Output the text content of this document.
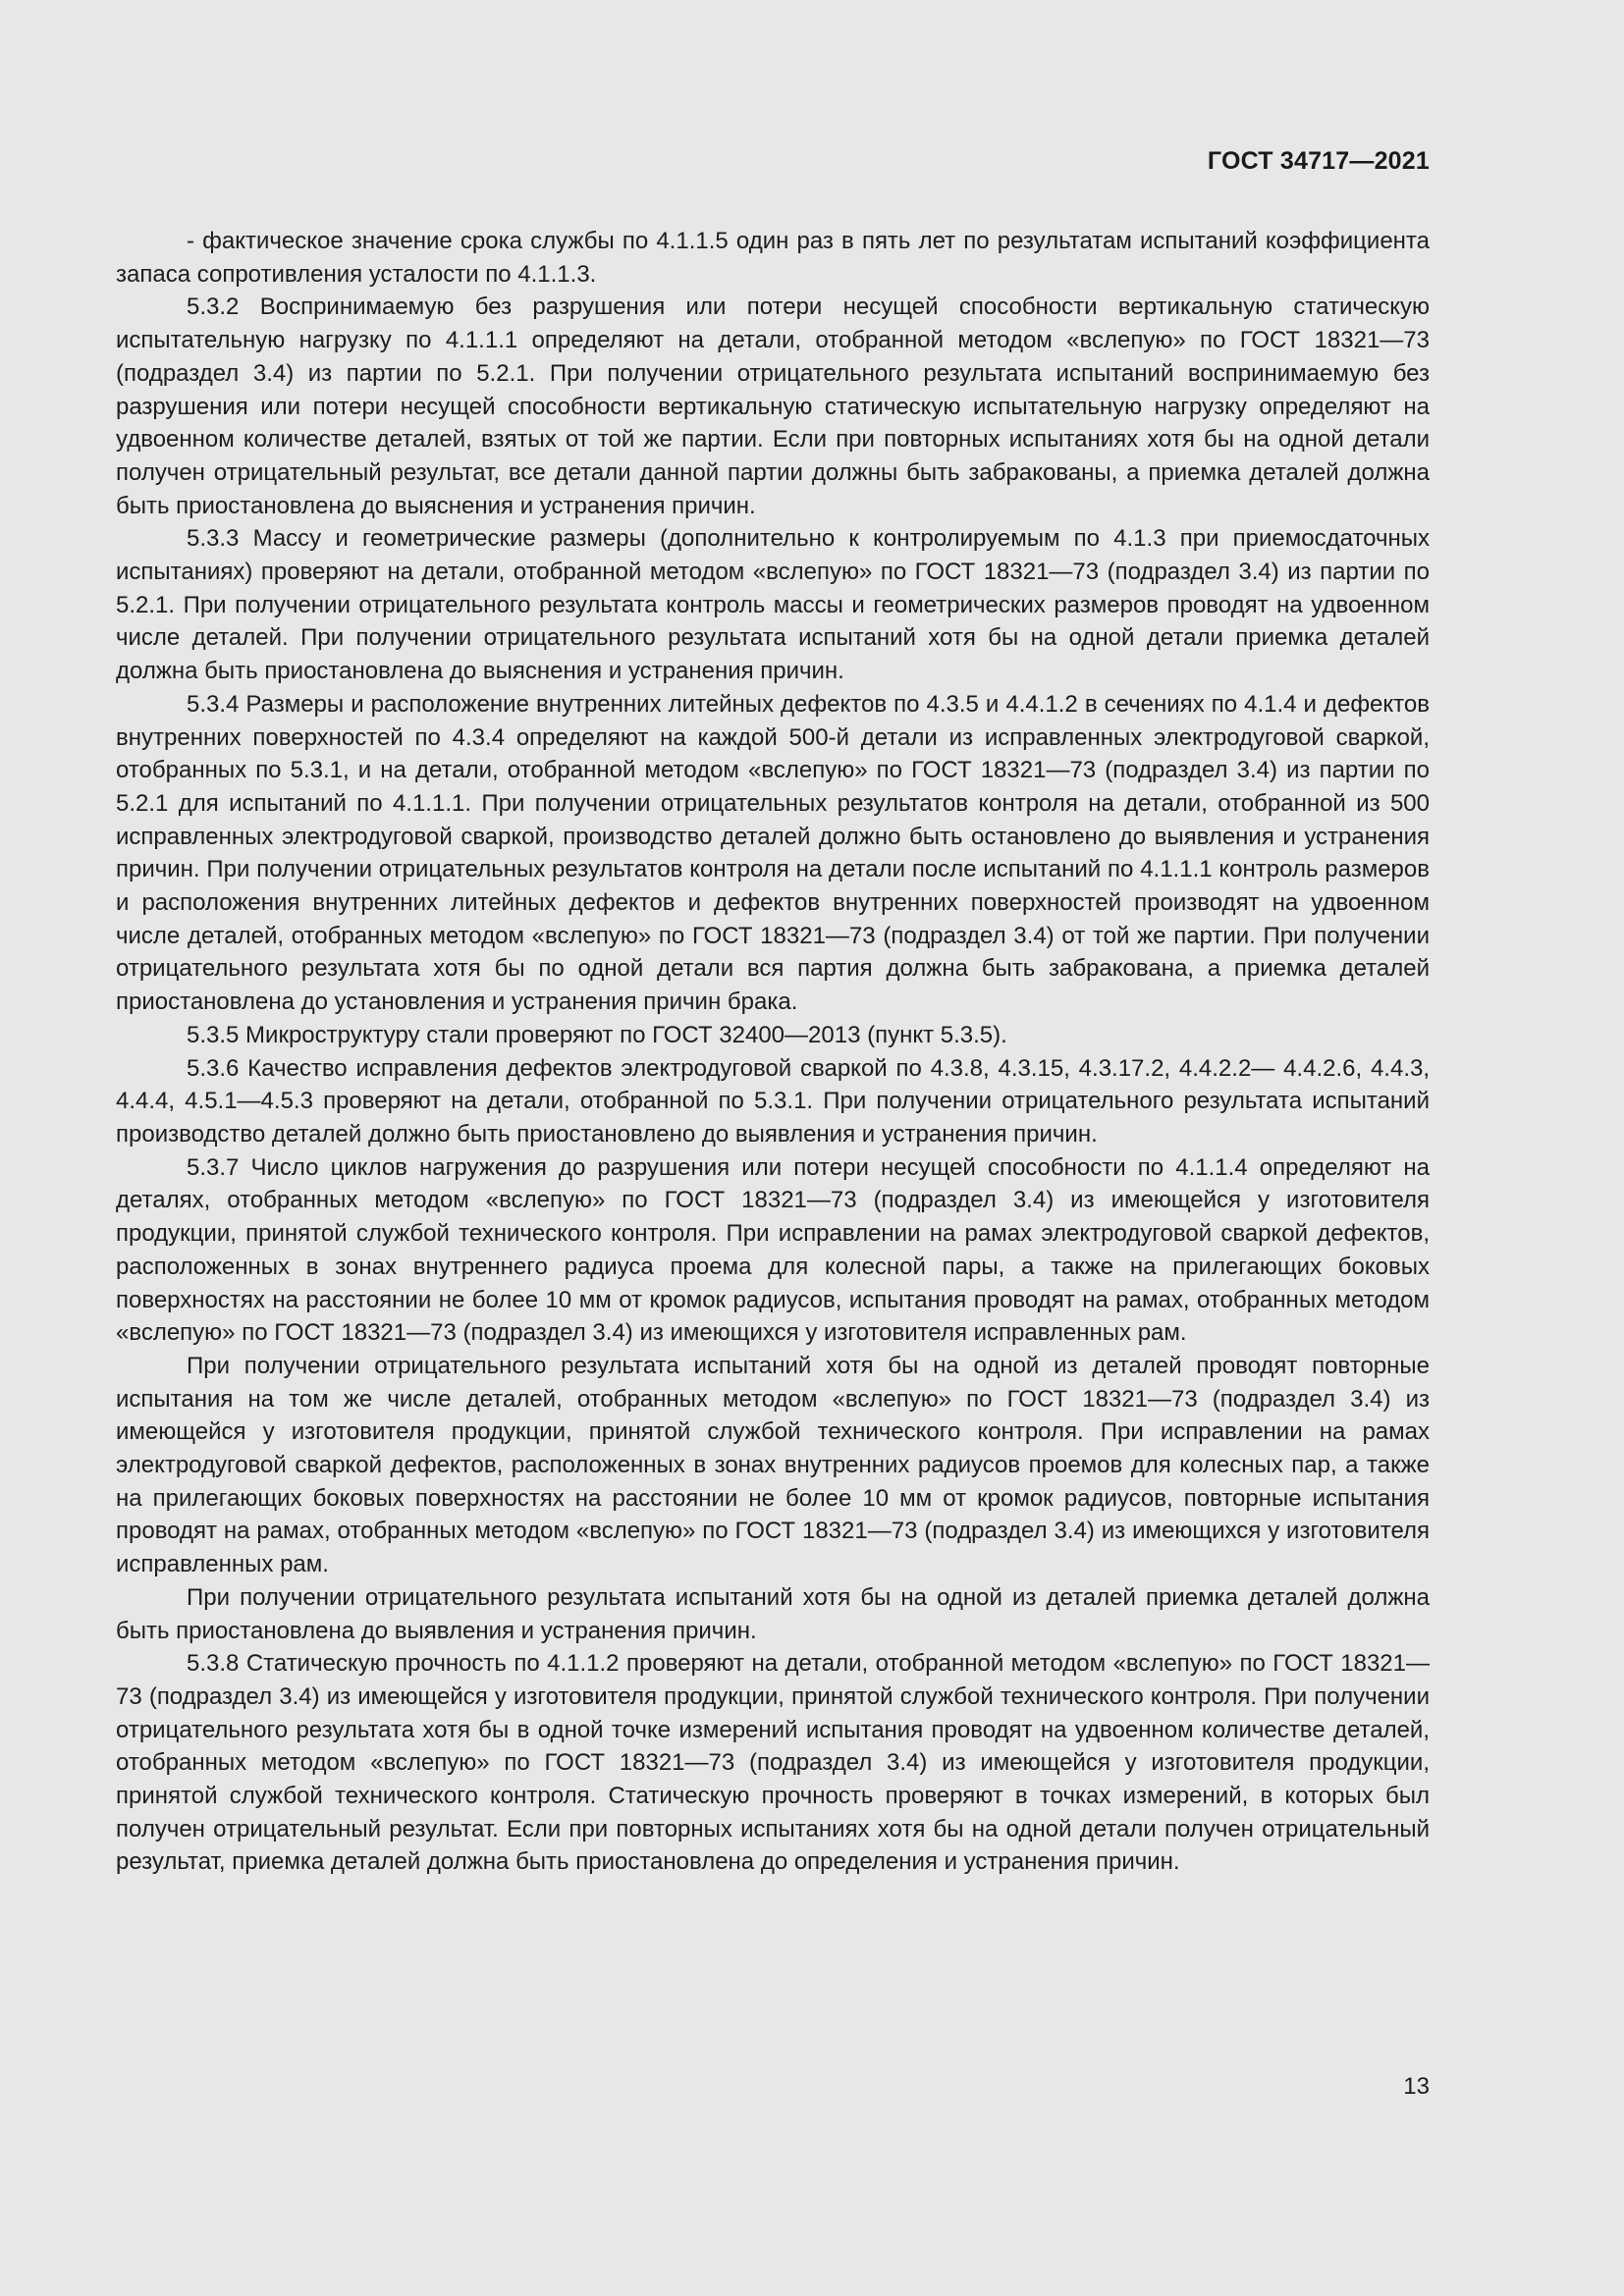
ГОСТ 34717—2021

- фактическое значение срока службы по 4.1.1.5 один раз в пять лет по результатам испытаний коэффициента запаса сопротивления усталости по 4.1.1.3.

5.3.2 Воспринимаемую без разрушения или потери несущей способности вертикальную статическую испытательную нагрузку по 4.1.1.1 определяют на детали, отобранной методом «вслепую» по ГОСТ 18321—73 (подраздел 3.4) из партии по 5.2.1. При получении отрицательного результата испытаний воспринимаемую без разрушения или потери несущей способности вертикальную статическую испытательную нагрузку определяют на удвоенном количестве деталей, взятых от той же партии. Если при повторных испытаниях хотя бы на одной детали получен отрицательный результат, все детали данной партии должны быть забракованы, а приемка деталей должна быть приостановлена до выяснения и устранения причин.

5.3.3 Массу и геометрические размеры (дополнительно к контролируемым по 4.1.3 при приемосдаточных испытаниях) проверяют на детали, отобранной методом «вслепую» по ГОСТ 18321—73 (подраздел 3.4) из партии по 5.2.1. При получении отрицательного результата контроль массы и геометрических размеров проводят на удвоенном числе деталей. При получении отрицательного результата испытаний хотя бы на одной детали приемка деталей должна быть приостановлена до выяснения и устранения причин.

5.3.4 Размеры и расположение внутренних литейных дефектов по 4.3.5 и 4.4.1.2 в сечениях по 4.1.4 и дефектов внутренних поверхностей по 4.3.4 определяют на каждой 500-й детали из исправленных электродуговой сваркой, отобранных по 5.3.1, и на детали, отобранной методом «вслепую» по ГОСТ 18321—73 (подраздел 3.4) из партии по 5.2.1 для испытаний по 4.1.1.1. При получении отрицательных результатов контроля на детали, отобранной из 500 исправленных электродуговой сваркой, производство деталей должно быть остановлено до выявления и устранения причин. При получении отрицательных результатов контроля на детали после испытаний по 4.1.1.1 контроль размеров и расположения внутренних литейных дефектов и дефектов внутренних поверхностей производят на удвоенном числе деталей, отобранных методом «вслепую» по ГОСТ 18321—73 (подраздел 3.4) от той же партии. При получении отрицательного результата хотя бы по одной детали вся партия должна быть забракована, а приемка деталей приостановлена до установления и устранения причин брака.

5.3.5 Микроструктуру стали проверяют по ГОСТ 32400—2013 (пункт 5.3.5).

5.3.6 Качество исправления дефектов электродуговой сваркой по 4.3.8, 4.3.15, 4.3.17.2, 4.4.2.2— 4.4.2.6, 4.4.3, 4.4.4, 4.5.1—4.5.3 проверяют на детали, отобранной по 5.3.1. При получении отрицательного результата испытаний производство деталей должно быть приостановлено до выявления и устранения причин.

5.3.7 Число циклов нагружения до разрушения или потери несущей способности по 4.1.1.4 определяют на деталях, отобранных методом «вслепую» по ГОСТ 18321—73 (подраздел 3.4) из имеющейся у изготовителя продукции, принятой службой технического контроля. При исправлении на рамах электродуговой сваркой дефектов, расположенных в зонах внутреннего радиуса проема для колесной пары, а также на прилегающих боковых поверхностях на расстоянии не более 10 мм от кромок радиусов, испытания проводят на рамах, отобранных методом «вслепую» по ГОСТ 18321—73 (подраздел 3.4) из имеющихся у изготовителя исправленных рам.

При получении отрицательного результата испытаний хотя бы на одной из деталей проводят повторные испытания на том же числе деталей, отобранных методом «вслепую» по ГОСТ 18321—73 (подраздел 3.4) из имеющейся у изготовителя продукции, принятой службой технического контроля. При исправлении на рамах электродуговой сваркой дефектов, расположенных в зонах внутренних радиусов проемов для колесных пар, а также на прилегающих боковых поверхностях на расстоянии не более 10 мм от кромок радиусов, повторные испытания проводят на рамах, отобранных методом «вслепую» по ГОСТ 18321—73 (подраздел 3.4) из имеющихся у изготовителя исправленных рам.

При получении отрицательного результата испытаний хотя бы на одной из деталей приемка деталей должна быть приостановлена до выявления и устранения причин.

5.3.8 Статическую прочность по 4.1.1.2 проверяют на детали, отобранной методом «вслепую» по ГОСТ 18321—73 (подраздел 3.4) из имеющейся у изготовителя продукции, принятой службой технического контроля. При получении отрицательного результата хотя бы в одной точке измерений испытания проводят на удвоенном количестве деталей, отобранных методом «вслепую» по ГОСТ 18321—73 (подраздел 3.4) из имеющейся у изготовителя продукции, принятой службой технического контроля. Статическую прочность проверяют в точках измерений, в которых был получен отрицательный результат. Если при повторных испытаниях хотя бы на одной детали получен отрицательный результат, приемка деталей должна быть приостановлена до определения и устранения причин.

13
